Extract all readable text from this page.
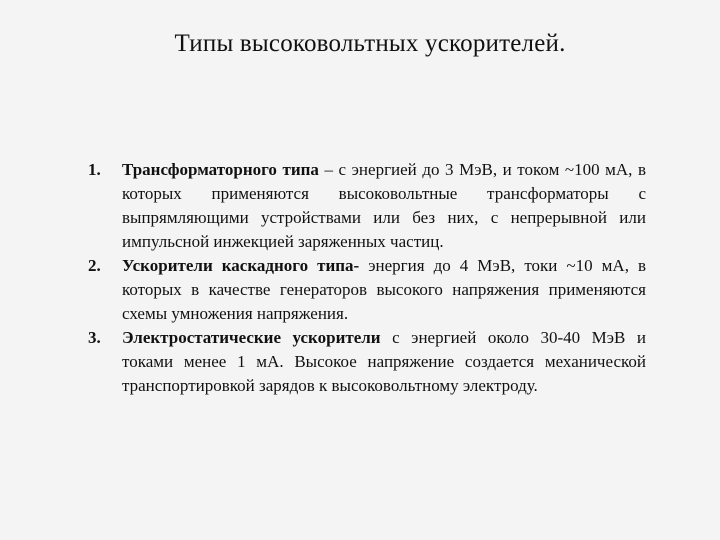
Типы высоковольтных ускорителей.
1. Трансформаторного типа – с энергией до 3 МэВ, и током ~100 мА, в которых применяются высоковольтные трансформаторы с выпрямляющими устройствами или без них, с непрерывной или импульсной инжекцией заряженных частиц.
2. Ускорители каскадного типа- энергия до 4 МэВ, токи ~10 мА, в которых в качестве генераторов высокого напряжения применяются схемы умножения напряжения.
3. Электростатические ускорители с энергией около 30-40 МэВ и токами менее 1 мА. Высокое напряжение создается механической транспортировкой зарядов к высоковольтному электроду.
